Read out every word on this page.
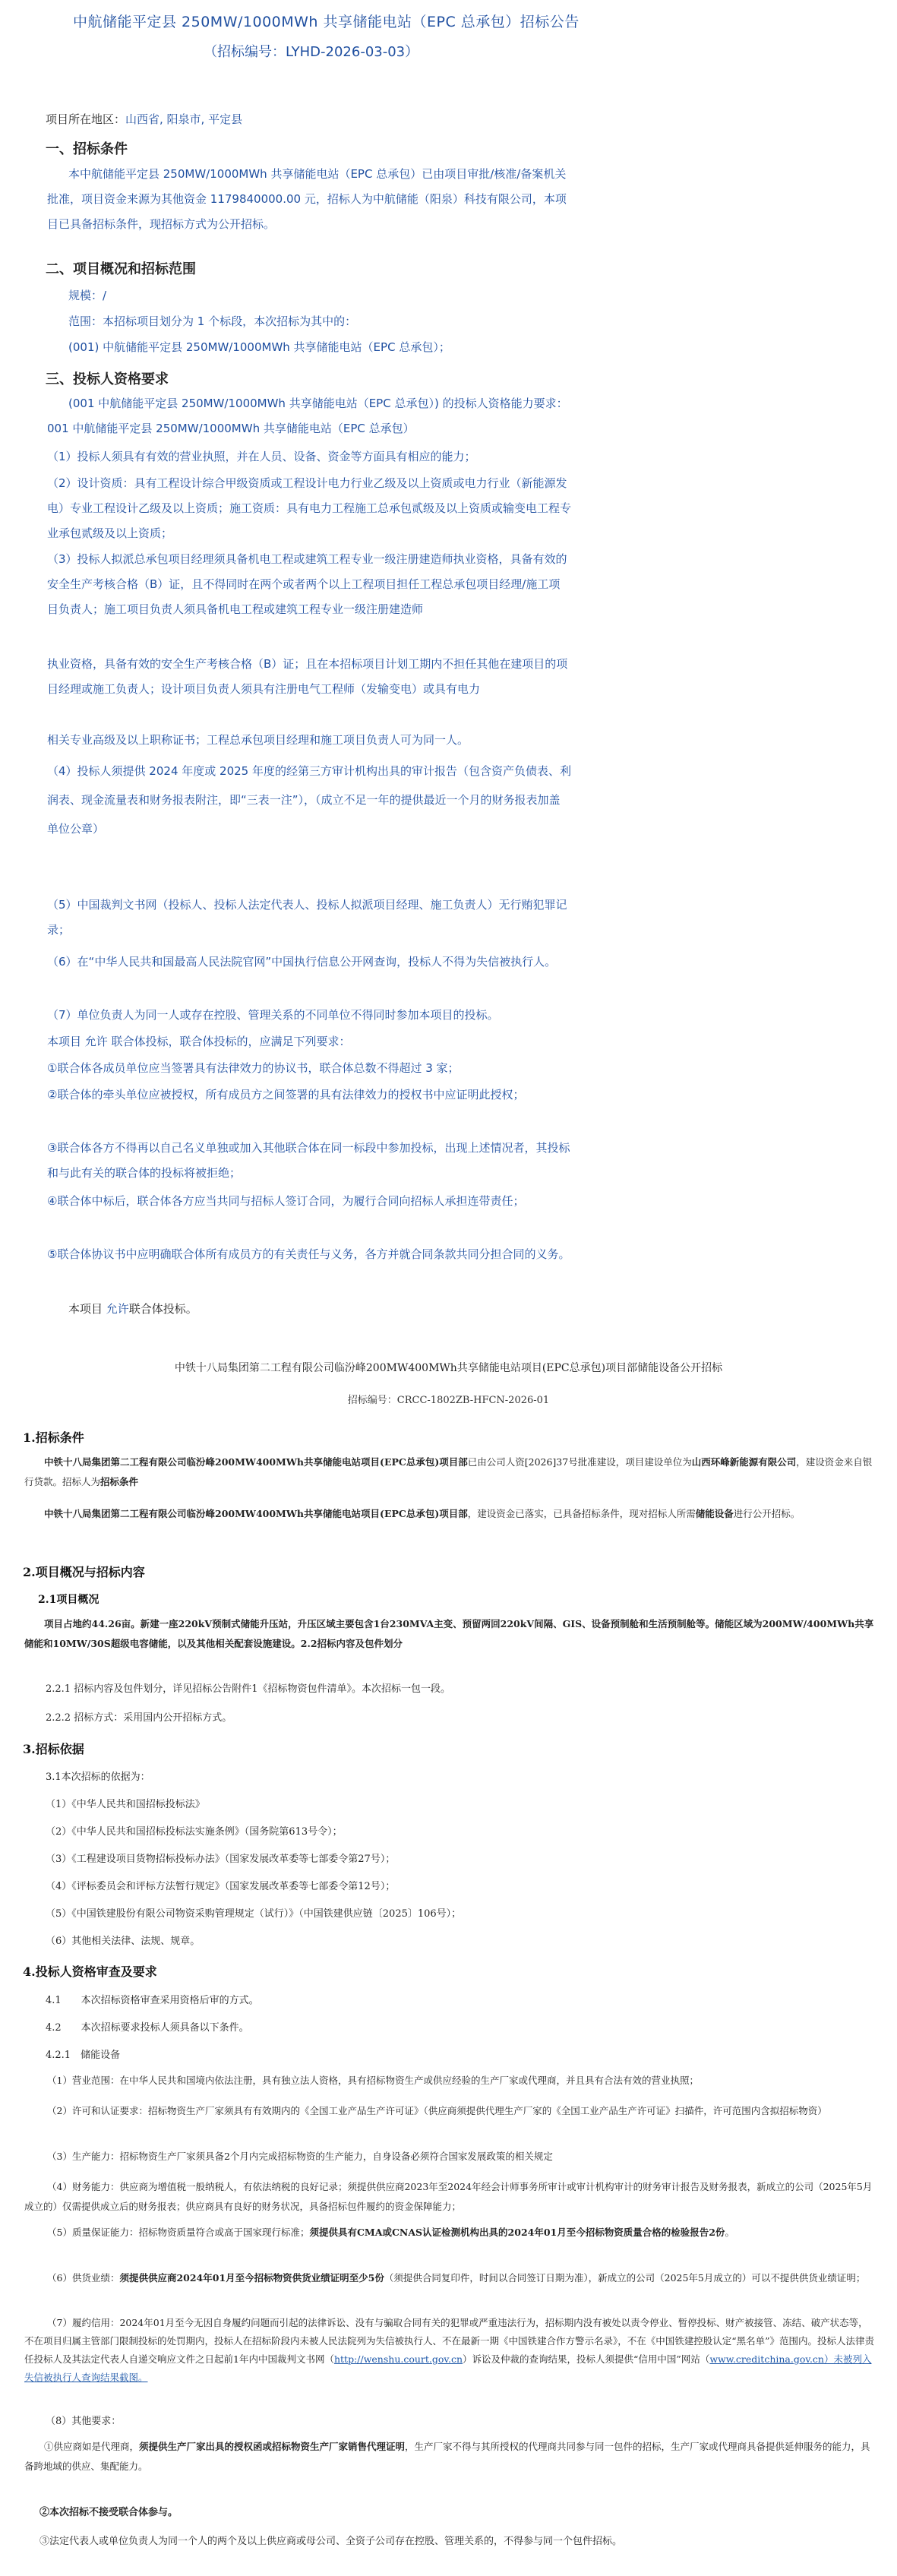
中航储能平定县 250MW/1000MWh 共享储能电站（EPC 总承包）招标公告
（招标编号：LYHD-2026-03-03）
项目所在地区：山西省, 阳泉市, 平定县
一、招标条件
本中航储能平定县 250MW/1000MWh 共享储能电站（EPC 总承包）已由项目审批/核准/备案机关批准，项目资金来源为其他资金 1179840000.00 元，招标人为中航储能（阳泉）科技有限公司，本项目已具备招标条件，现招标方式为公开招标。
二、项目概况和招标范围
规模：/
范围：本招标项目划分为 1 个标段，本次招标为其中的：
(001) 中航储能平定县 250MW/1000MWh 共享储能电站（EPC 总承包）；
三、投标人资格要求
(001 中航储能平定县 250MW/1000MWh 共享储能电站（EPC 总承包）) 的投标人资格能力要求：001 中航储能平定县 250MW/1000MWh 共享储能电站（EPC 总承包）
（1）投标人须具有有效的营业执照，并在人员、设备、资金等方面具有相应的能力；
（2）设计资质：具有工程设计综合甲级资质或工程设计电力行业乙级及以上资质或电力行业（新能源发电）专业工程设计乙级及以上资质；施工资质：具有电力工程施工总承包贰级及以上资质或输变电工程专业承包贰级及以上资质；
（3）投标人拟派总承包项目经理须具备机电工程或建筑工程专业一级注册建造师执业资格，具备有效的安全生产考核合格（B）证，且不得同时在两个或者两个以上工程项目担任工程总承包项目经理/施工项目负责人；施工项目负责人须具备机电工程或建筑工程专业一级注册建造师
执业资格，具备有效的安全生产考核合格（B）证；且在本招标项目计划工期内不担任其他在建项目的项目经理或施工负责人；设计项目负责人须具有注册电气工程师（发输变电）或具有电力
相关专业高级及以上职称证书；工程总承包项目经理和施工项目负责人可为同一人。
（4）投标人须提供 2024 年度或 2025 年度的经第三方审计机构出具的审计报告（包含资产负债表、利润表、现金流量表和财务报表附注，即“三表一注”），（成立不足一年的提供最近一个月的财务报表加盖单位公章）
（5）中国裁判文书网（投标人、投标人法定代表人、投标人拟派项目经理、施工负责人）无行贿犯罪记录；
（6）在“中华人民共和国最高人民法院官网”中国执行信息公开网查询，投标人不得为失信被执行人。
（7）单位负责人为同一人或存在控股、管理关系的不同单位不得同时参加本项目的投标。
本项目 允许 联合体投标，联合体投标的，应满足下列要求：
①联合体各成员单位应当签署具有法律效力的协议书，联合体总数不得超过 3 家；
②联合体的牵头单位应被授权，所有成员方之间签署的具有法律效力的授权书中应证明此授权；
③联合体各方不得再以自己名义单独或加入其他联合体在同一标段中参加投标，出现上述情况者，其投标和与此有关的联合体的投标将被拒绝；
④联合体中标后，联合体各方应当共同与招标人签订合同，为履行合同向招标人承担连带责任；
⑤联合体协议书中应明确联合体所有成员方的有关责任与义务，各方并就合同条款共同分担合同的义务。
本项目 允许联合体投标。
中铁十八局集团第二工程有限公司临汾峰200MW400MWh共享储能电站项目(EPC总承包)项目部储能设备公开招标
招标编号：CRCC-1802ZB-HFCN-2026-01
1.招标条件
中铁十八局集团第二工程有限公司临汾峰200MW400MWh共享储能电站项目(EPC总承包)项目部已由公司人资[2026]37号批准建设，项目建设单位为山西环峰新能源有限公司，建设资金来自银行贷款。招标人为招标条件
中铁十八局集团第二工程有限公司临汾峰200MW400MWh共享储能电站项目(EPC总承包)项目部，建设资金已落实，已具备招标条件，现对招标人所需储能设备进行公开招标。
2.项目概况与招标内容
2.1项目概况
项目占地约44.26亩。新建一座220kV预制式储能升压站，升压区域主要包含1台230MVA主变、预留两回220kV间隔、GIS、设备预制舱和生活预制舱等。储能区域为200MW/400MWh共享储能和10MW/30S超级电容储能，以及其他相关配套设施建设。2.2招标内容及包件划分
2.2.1 招标内容及包件划分，详见招标公告附件1《招标物资包件清单》。本次招标一包一段。
2.2.2 招标方式：采用国内公开招标方式。
3.招标依据
3.1本次招标的依据为：
（1）《中华人民共和国招标投标法》
（2）《中华人民共和国招标投标法实施条例》（国务院第613号令）；
（3）《工程建设项目货物招标投标办法》（国家发展改革委等七部委令第27号）；
（4）《评标委员会和评标方法暂行规定》（国家发展改革委等七部委令第12号）；
（5）《中国铁建股份有限公司物资采购管理规定（试行）》（中国铁建供应链〔2025〕106号）；
（6）其他相关法律、法规、规章。
4.投标人资格审查及要求
4.1　　本次招标资格审查采用资格后审的方式。
4.2　　本次招标要求投标人须具备以下条件。
4.2.1　储能设备
（1）营业范围：在中华人民共和国境内依法注册，具有独立法人资格，具有招标物资生产或供应经验的生产厂家或代理商，并且具有合法有效的营业执照；
（2）许可和认证要求：招标物资生产厂家须具有有效期内的《全国工业产品生产许可证》（供应商须提供代理生产厂家的《全国工业产品生产许可证》扫描件，许可范围内含拟招标物资）
（3）生产能力：招标物资生产厂家须具备2个月内完成招标物资的生产能力，自身设备必须符合国家发展政策的相关规定
（4）财务能力：供应商为增值税一般纳税人，有依法纳税的良好记录；须提供供应商2023年至2024年经会计师事务所审计或审计机构审计的财务审计报告及财务报表，新成立的公司（2025年5月成立的）仅需提供成立后的财务报表；供应商具有良好的财务状况，具备招标包件履约的资金保障能力；
（5）质量保证能力：招标物资质量符合或高于国家现行标准；须提供具有CMA或CNAS认证检测机构出具的2024年01月至今招标物资质量合格的检验报告2份。
（6）供货业绩：须提供供应商2024年01月至今招标物资供货业绩证明至少5份（须提供合同复印件，时间以合同签订日期为准），新成立的公司（2025年5月成立的）可以不提供供货业绩证明；
（7）履约信用：2024年01月至今无因自身履约问题而引起的法律诉讼、没有与骗取合同有关的犯罪或严重违法行为，招标期内没有被处以责令停业、暂停投标、财产被接管、冻结、破产状态等，不在项目归属主管部门限制投标的处罚期内，投标人在招标阶段内未被人民法院列为失信被执行人、不在最新一期《中国铁建合作方警示名录》，不在《中国铁建控股认定“黑名单”》范围内。投标人法律责任投标人及其法定代表人自递交响应文件之日起前1年内中国裁判文书网（http://wenshu.court.gov.cn）诉讼及仲裁的查询结果，投标人须提供“信用中国”网站（www.creditchina.gov.cn）未被列入失信被执行人查询结果截图。
（8）其他要求：
①供应商如是代理商，须提供生产厂家出具的授权函或招标物资生产厂家销售代理证明，生产厂家不得与其所授权的代理商共同参与同一包件的招标，生产厂家或代理商具备提供延伸服务的能力，具备跨地域的供应、集配能力。
②本次招标不接受联合体参与。
③法定代表人或单位负责人为同一个人的两个及以上供应商或母公司、全资子公司存在控股、管理关系的，不得参与同一个包件招标。
